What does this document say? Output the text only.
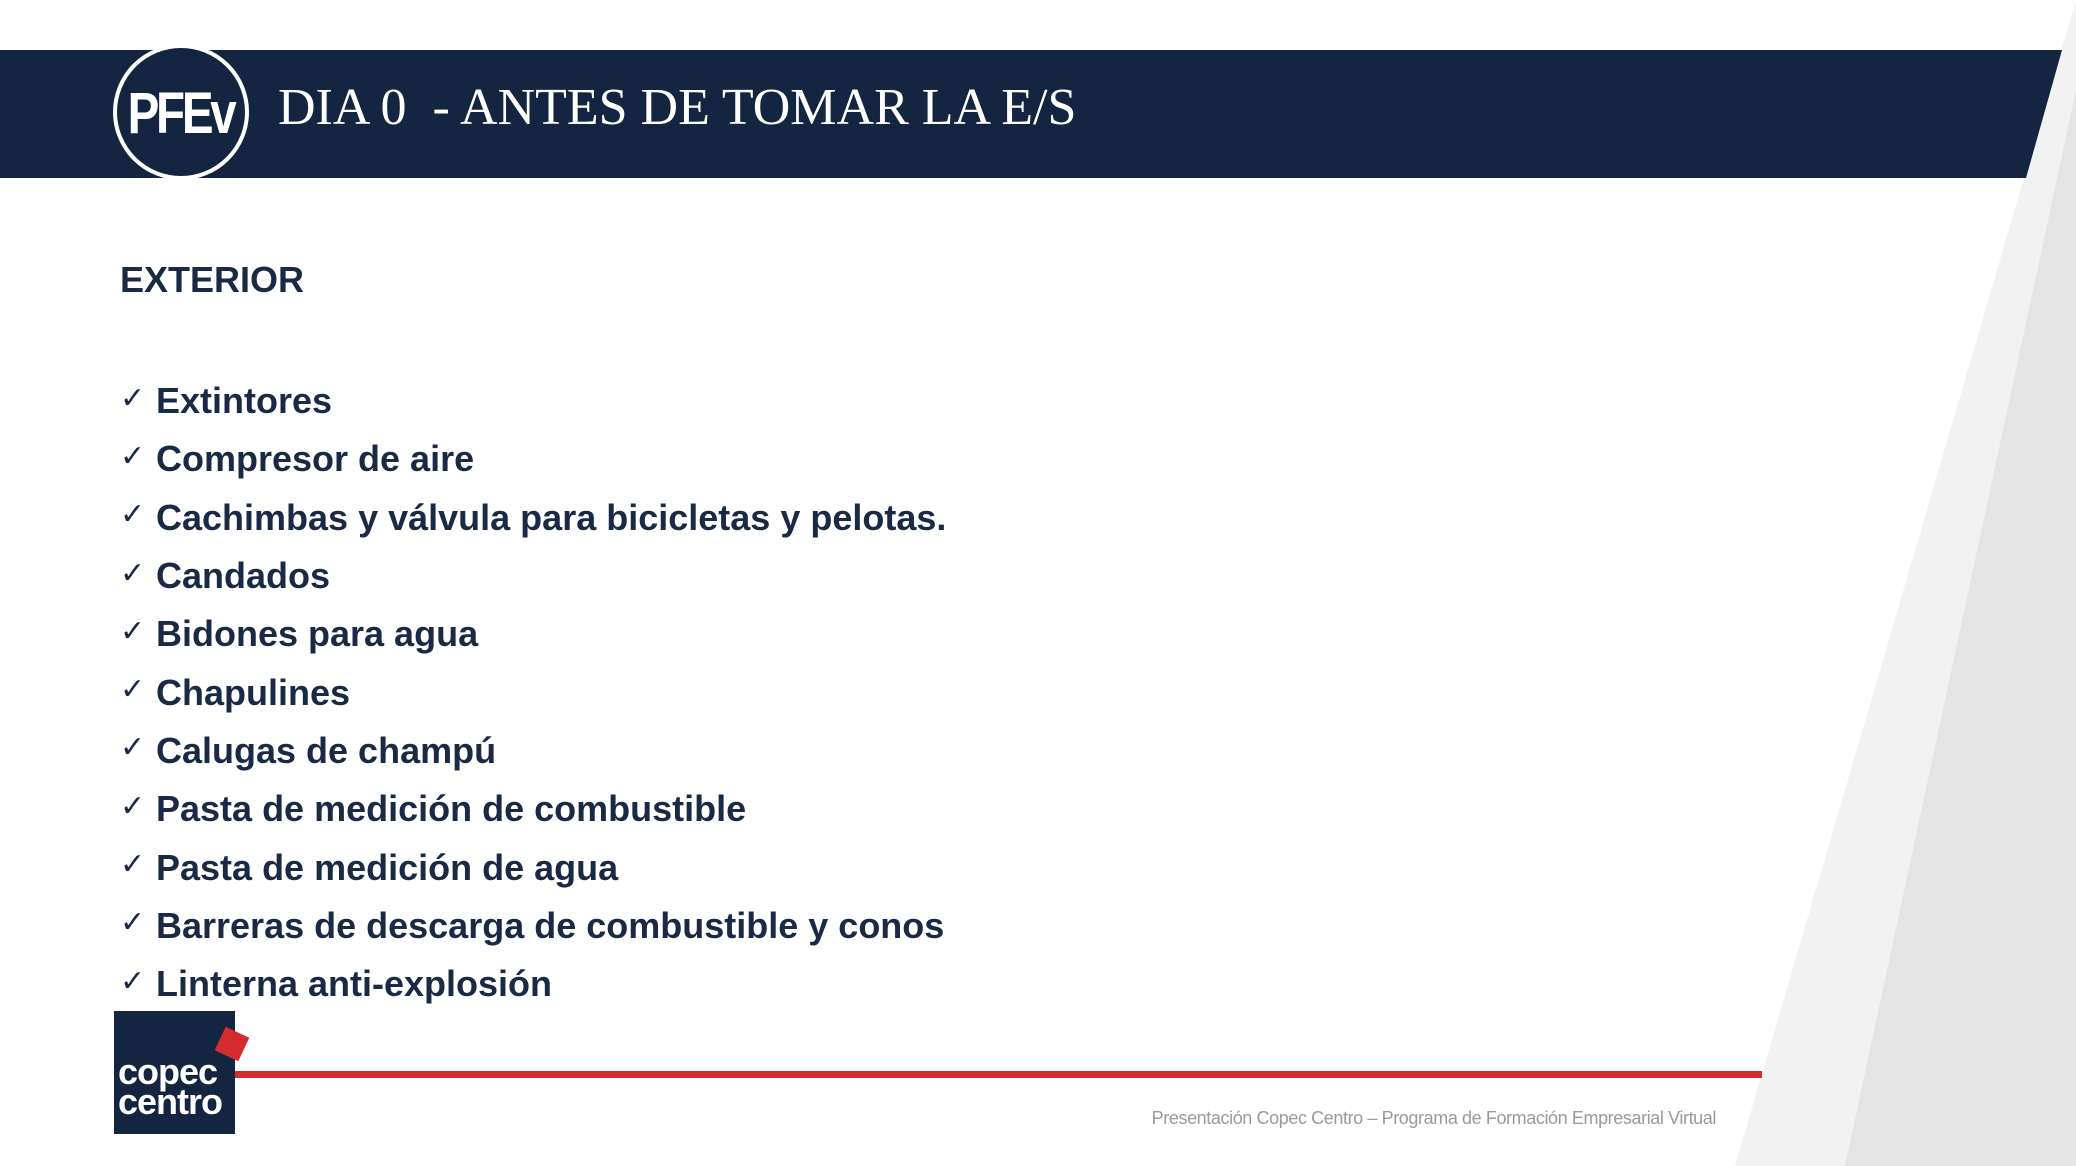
PFEv DIA 0  - ANTES DE TOMAR LA E/S
EXTERIOR
✓ Extintores
✓ Compresor de aire
✓ Cachimbas y válvula para bicicletas y pelotas.
✓ Candados
✓ Bidones para agua
✓ Chapulines
✓ Calugas de champú
✓ Pasta de medición de combustible
✓ Pasta de medición de agua
✓ Barreras de descarga de combustible y conos
✓ Linterna anti-explosión
copec
centro	Presentación Copec Centro – Programa de Formación Empresarial Virtual
